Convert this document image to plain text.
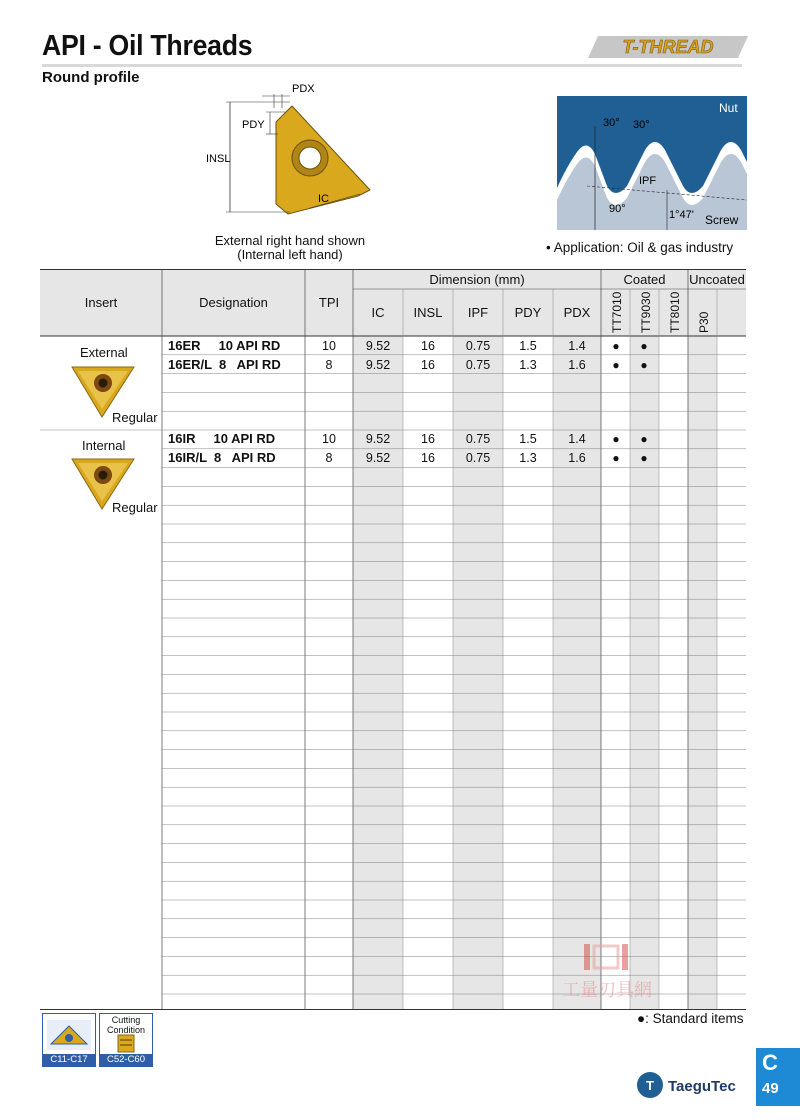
API - Oil Threads
Round profile
T-THREAD
PDX
PDY
INSL
IC
External right hand shown
(Internal left hand)
Nut
Screw
30° 30°
IPF
90°	1°47'
• Application: Oil & gas industry
Insert	Designation	TPI
Dimension (mm)	Coated	Uncoated
IC	INSL	IPF	PDY	PDX	TT7010 TT9030 TT8010 P30
External
Regular
16ER     10 API RD	10	9.52	16	0.75	1.5	1.4	●	●
16ER/L  8   API RD	8	9.52	16	0.75	1.3	1.6	●	●
Internal
Regular
16IR     10 API RD	10	9.52	16	0.75	1.5	1.4	●	●
16IR/L  8   API RD	8	9.52	16	0.75	1.3	1.6	●	●
工量刃具網
●: Standard items
C11-C17
Cutting Condition
C52-C60	C
49
T TaeguTec
